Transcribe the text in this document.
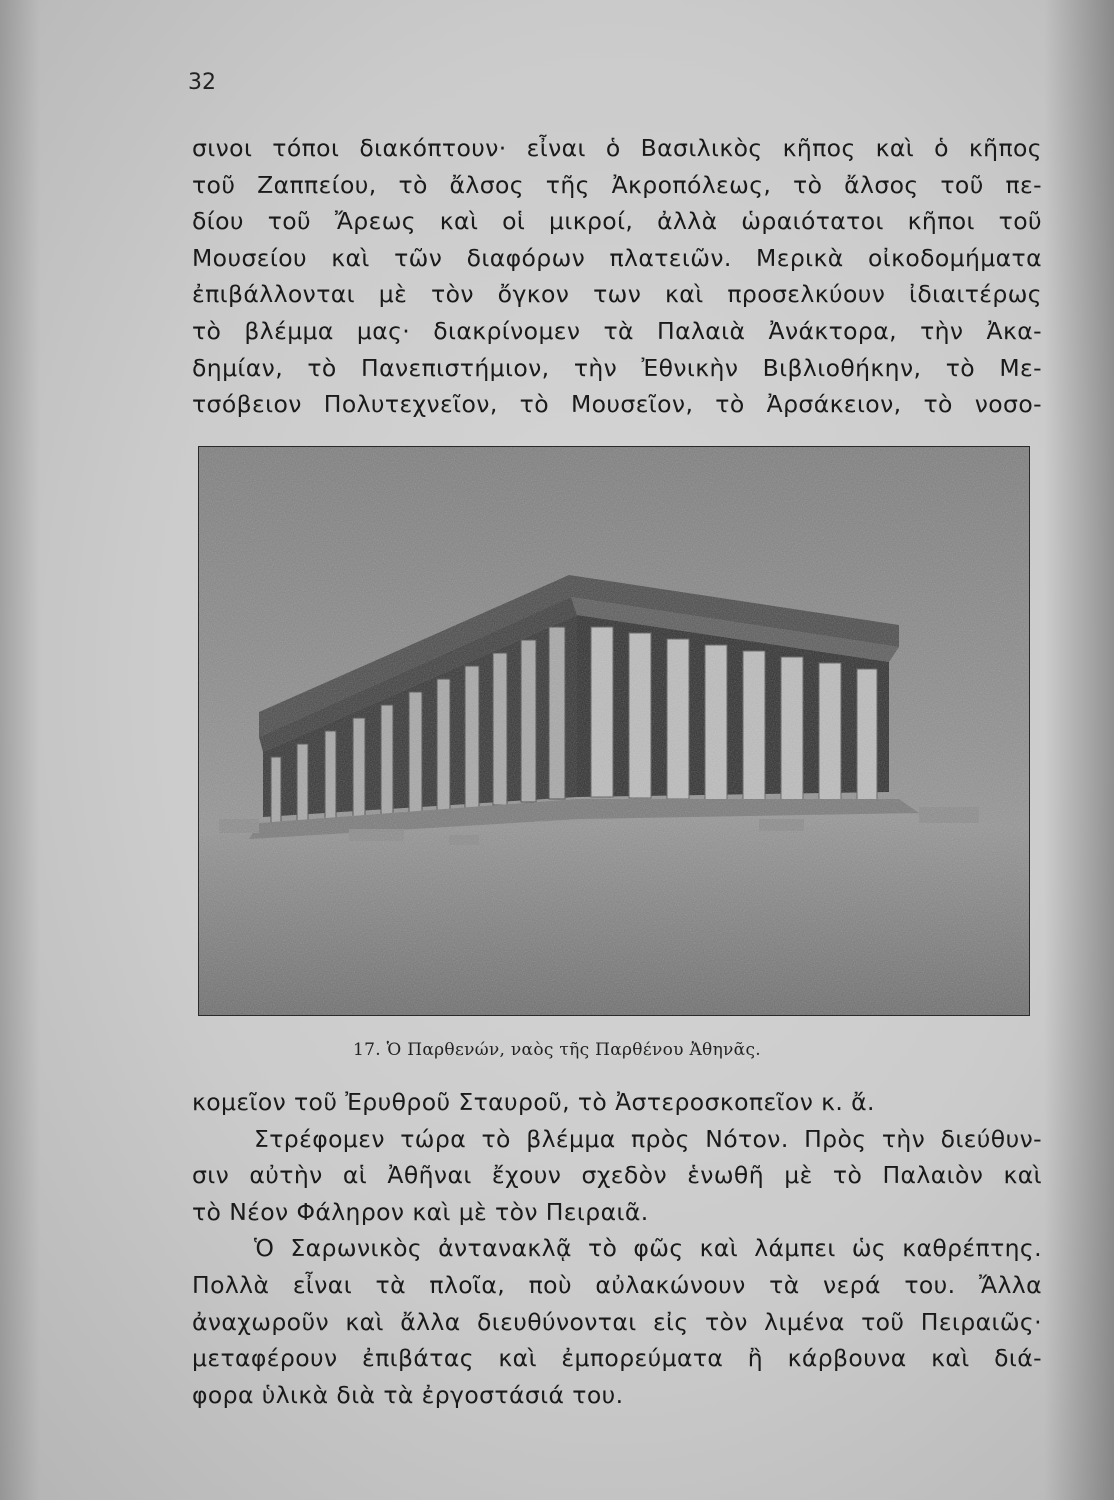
32
σινοι τόποι διακόπτουν· εἶναι ὁ Βασιλικὸς κῆπος καὶ ὁ κῆπος
τοῦ Ζαππείου, τὸ ἄλσος τῆς Ἀκροπόλεως, τὸ ἄλσος τοῦ πε-
δίου τοῦ Ἄρεως καὶ οἱ μικροί, ἀλλὰ ὡραιότατοι κῆποι τοῦ
Μουσείου καὶ τῶν διαφόρων πλατειῶν. Μερικὰ οἰκοδομήματα
ἐπιβάλλονται μὲ τὸν ὄγκον των καὶ προσελκύουν ἰδιαιτέρως
τὸ βλέμμα μας· διακρίνομεν τὰ Παλαιὰ Ἀνάκτορα, τὴν Ἀκα-
δημίαν, τὸ Πανεπιστήμιον, τὴν Ἐθνικὴν Βιβλιοθήκην, τὸ Με-
τσόβειον Πολυτεχνεῖον, τὸ Μουσεῖον, τὸ Ἀρσάκειον, τὸ νοσο-
17. Ὁ Παρθενών, ναὸς τῆς Παρθένου Ἀθηνᾶς.
κομεῖον τοῦ Ἐρυθροῦ Σταυροῦ, τὸ Ἀστεροσκοπεῖον κ. ἄ.
Στρέφομεν τώρα τὸ βλέμμα πρὸς Νότον. Πρὸς τὴν διεύθυν-
σιν αὐτὴν αἱ Ἀθῆναι ἔχουν σχεδὸν ἑνωθῆ μὲ τὸ Παλαιὸν καὶ
τὸ Νέον Φάληρον καὶ μὲ τὸν Πειραιᾶ.
Ὁ Σαρωνικὸς ἀντανακλᾷ τὸ φῶς καὶ λάμπει ὡς καθρέπτης.
Πολλὰ εἶναι τὰ πλοῖα, ποὺ αὐλακώνουν τὰ νερά του. Ἄλλα
ἀναχωροῦν καὶ ἄλλα διευθύνονται εἰς τὸν λιμένα τοῦ Πειραιῶς·
μεταφέρουν ἐπιβάτας καὶ ἐμπορεύματα ἢ κάρβουνα καὶ διά-
φορα ὑλικὰ διὰ τὰ ἐργοστάσιά του.
